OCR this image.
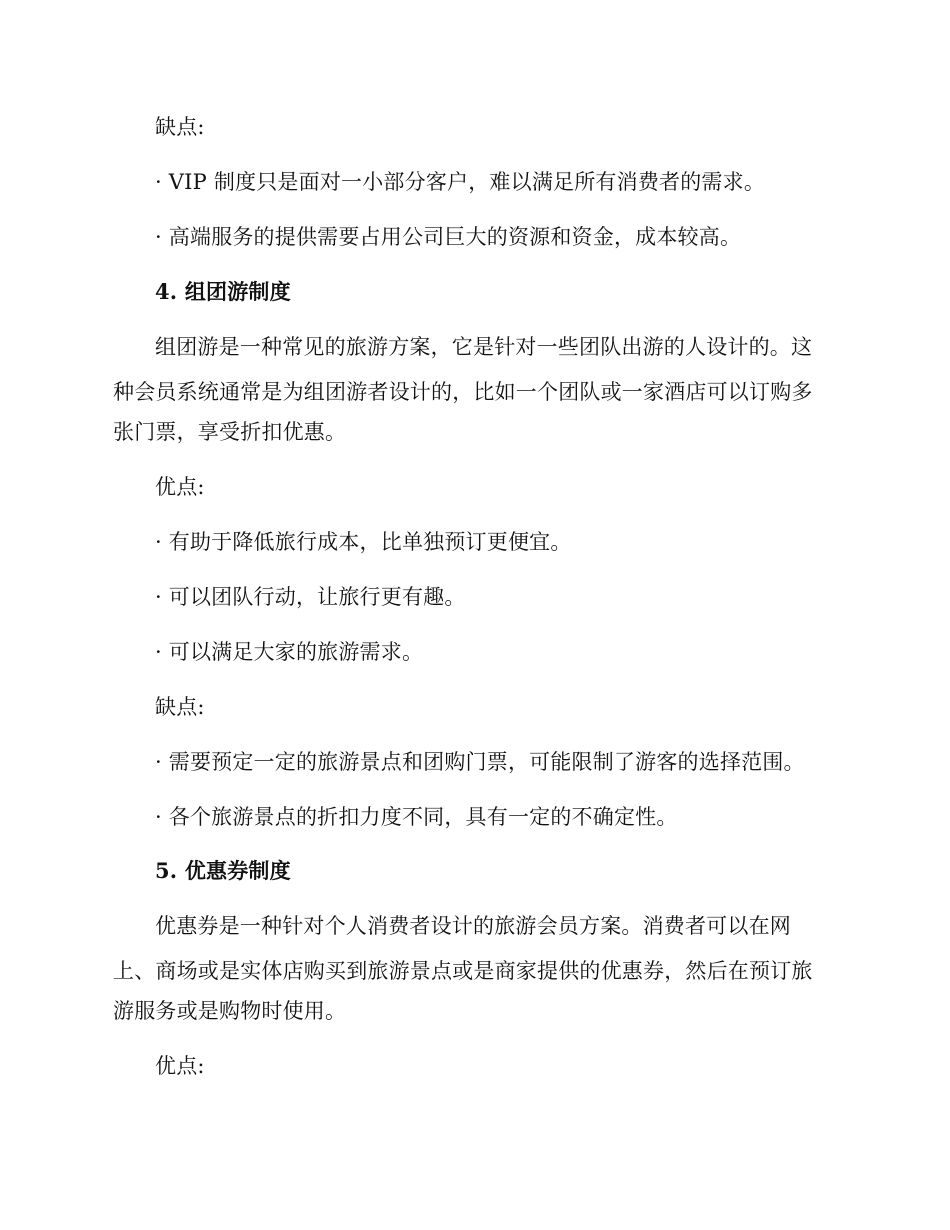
缺点:
· VIP 制度只是面对一小部分客户，难以满足所有消费者的需求。
· 高端服务的提供需要占用公司巨大的资源和资金，成本较高。
4. 组团游制度
组团游是一种常见的旅游方案，它是针对一些团队出游的人设计的。这
种会员系统通常是为组团游者设计的，比如一个团队或一家酒店可以订购多
张门票，享受折扣优惠。
优点:
· 有助于降低旅行成本，比单独预订更便宜。
· 可以团队行动，让旅行更有趣。
· 可以满足大家的旅游需求。
缺点:
· 需要预定一定的旅游景点和团购门票，可能限制了游客的选择范围。
· 各个旅游景点的折扣力度不同，具有一定的不确定性。
5. 优惠券制度
优惠券是一种针对个人消费者设计的旅游会员方案。消费者可以在网
上、商场或是实体店购买到旅游景点或是商家提供的优惠券，然后在预订旅
游服务或是购物时使用。
优点:
